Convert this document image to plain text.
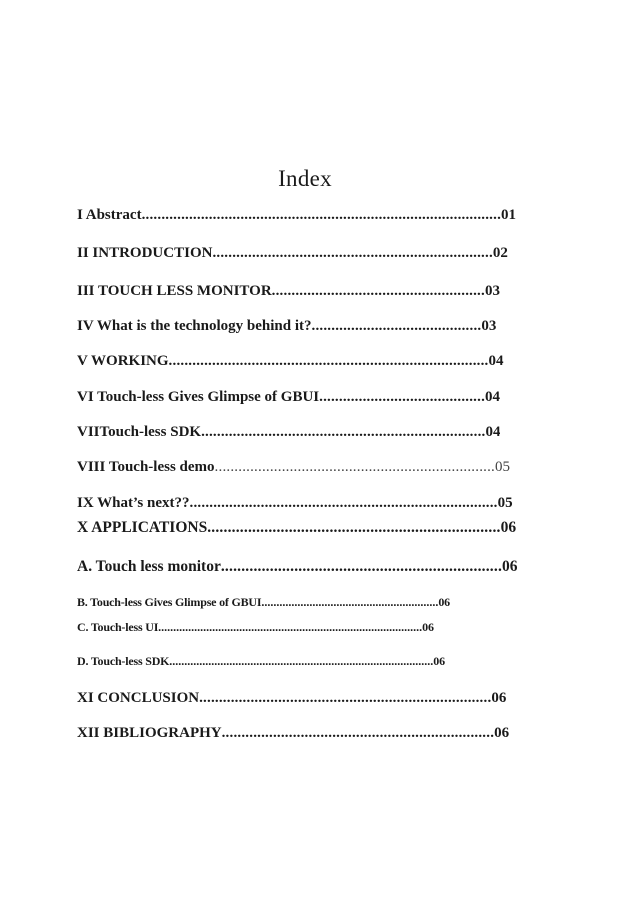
Index
I Abstract...........................................................................................01
II INTRODUCTION.......................................................................02
III TOUCH LESS MONITOR......................................................03
IV What is the technology behind it?...........................................03
V WORKING.................................................................................04
VI Touch-less Gives Glimpse of GBUI..........................................04
VIITouch-less SDK........................................................................04
VIII Touch-less demo.......................................................................05
IX What’s next??..............................................................................05
X APPLICATIONS........................................................................06
A. Touch less monitor.....................................................................06
B. Touch-less Gives Glimpse of GBUI...........................................................06
C. Touch-less UI........................................................................................06
D. Touch-less SDK........................................................................................06
XI CONCLUSION..........................................................................06
XII BIBLIOGRAPHY.....................................................................06
